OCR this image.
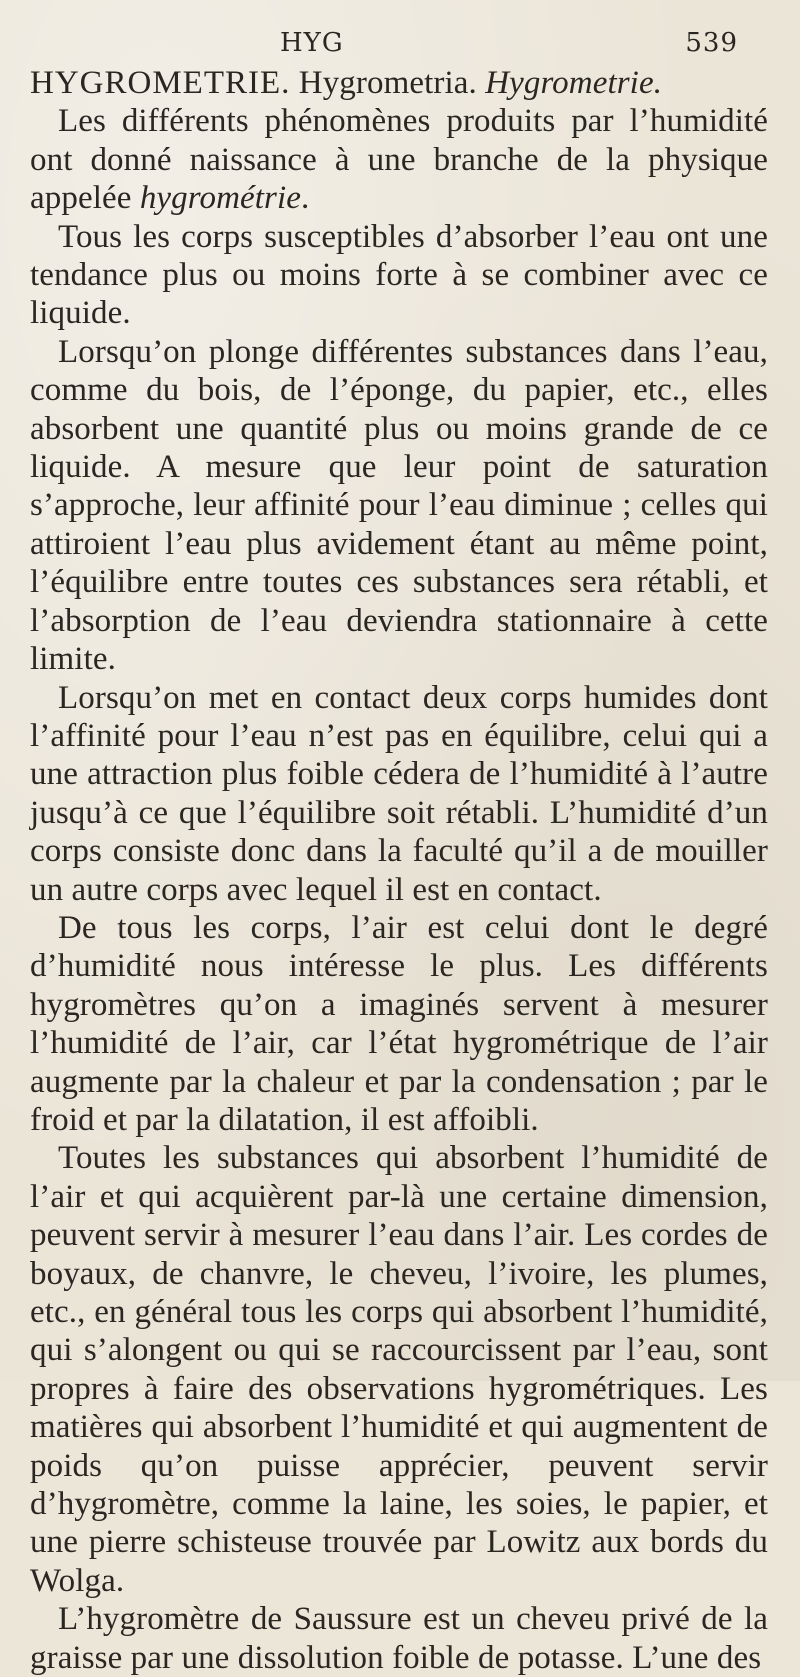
HYG	539

HYGROMETRIE. Hygrometria. Hygrometrie.

Les différents phénomènes produits par l’humidité ont donné naissance à une branche de la physique appelée hygrométrie.

Tous les corps susceptibles d’absorber l’eau ont une tendance plus ou moins forte à se combiner avec ce liquide.

Lorsqu’on plonge différentes substances dans l’eau, comme du bois, de l’éponge, du papier, etc., elles absorbent une quantité plus ou moins grande de ce liquide. A mesure que leur point de saturation s’approche, leur affinité pour l’eau diminue ; celles qui attiroient l’eau plus avidement étant au même point, l’équilibre entre toutes ces substances sera rétabli, et l’absorption de l’eau deviendra stationnaire à cette limite.

Lorsqu’on met en contact deux corps humides dont l’affinité pour l’eau n’est pas en équilibre, celui qui a une attraction plus foible cédera de l’humidité à l’autre jusqu’à ce que l’équilibre soit rétabli. L’humidité d’un corps consiste donc dans la faculté qu’il a de mouiller un autre corps avec lequel il est en contact.

De tous les corps, l’air est celui dont le degré d’humidité nous intéresse le plus. Les différents hygromètres qu’on a imaginés servent à mesurer l’humidité de l’air, car l’état hygrométrique de l’air augmente par la chaleur et par la condensation ; par le froid et par la dilatation, il est affoibli.

Toutes les substances qui absorbent l’humidité de l’air et qui acquièrent par-là une certaine dimension, peuvent servir à mesurer l’eau dans l’air. Les cordes de boyaux, de chanvre, le cheveu, l’ivoire, les plumes, etc., en général tous les corps qui absorbent l’humidité, qui s’alongent ou qui se raccourcissent par l’eau, sont propres à faire des observations hygrométriques. Les matières qui absorbent l’humidité et qui augmentent de poids qu’on puisse apprécier, peuvent servir d’hygromètre, comme la laine, les soies, le papier, et une pierre schisteuse trouvée par Lowitz aux bords du Wolga.

L’hygromètre de Saussure est un cheveu privé de la graisse par une dissolution foible de potasse. L’une des
